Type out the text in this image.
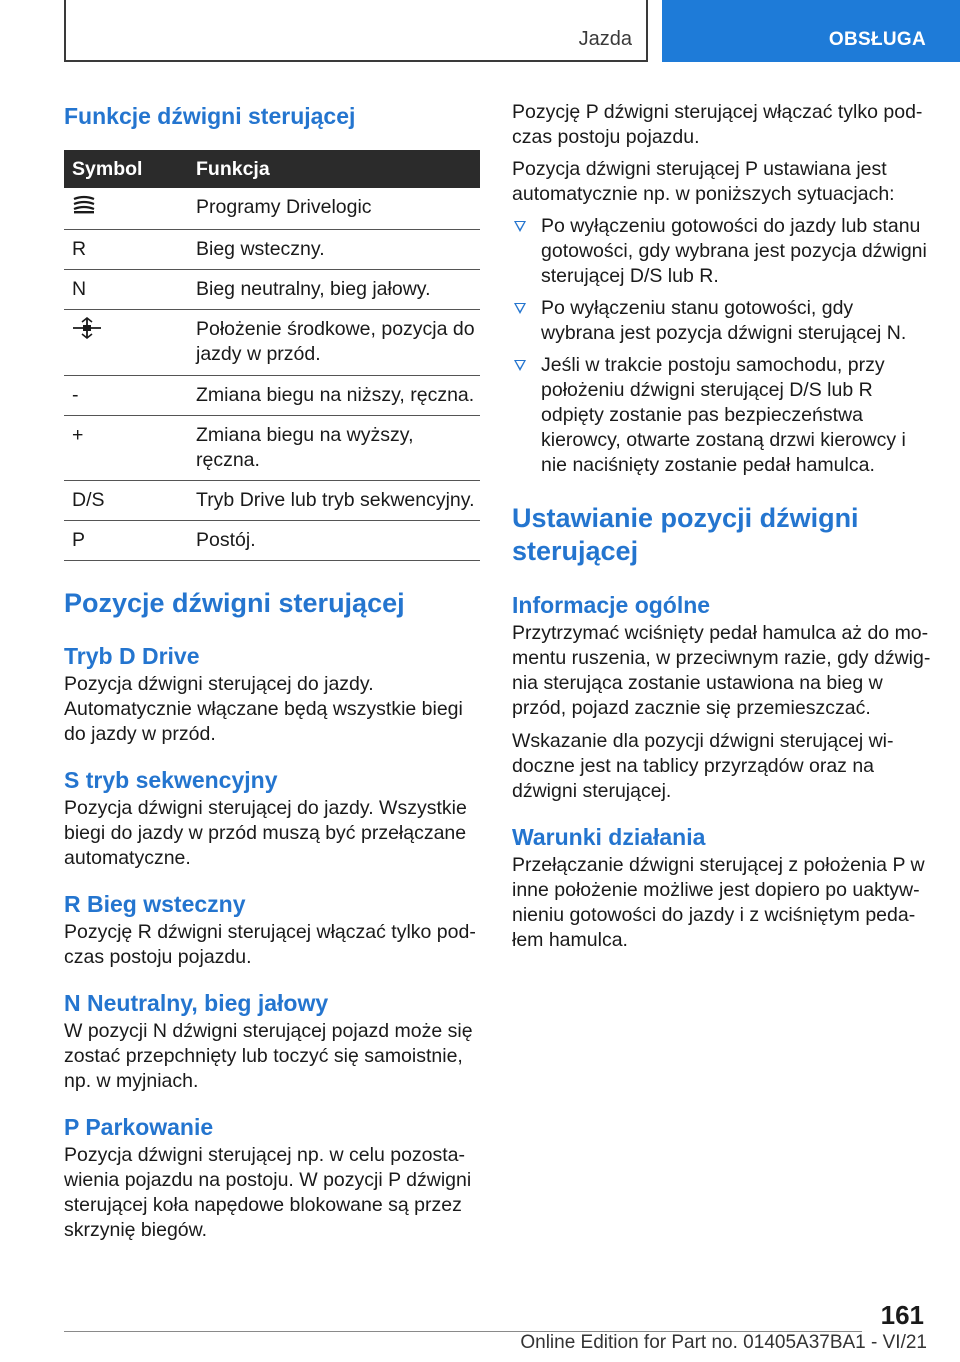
Jazda	OBSŁUGA
Funkcje dźwigni sterującej
Symbol	Funkcja
	Programy Drivelogic
R	Bieg wsteczny.
N	Bieg neutralny, bieg jałowy.
	Położenie środkowe, pozycja do jazdy w przód.
-	Zmiana biegu na niższy, ręczna.
+	Zmiana biegu na wyższy, ręczna.
D/S	Tryb Drive lub tryb sekwencyjny.
P	Postój.
Pozycje dźwigni sterującej
Tryb D Drive

Pozycja dźwigni sterującej do jazdy. Automatycznie włączane będą wszystkie biegi do jazdy w przód.

S tryb sekwencyjny

Pozycja dźwigni sterującej do jazdy. Wszystkie biegi do jazdy w przód muszą być przełączane automatyczne.

R Bieg wsteczny

Pozycję R dźwigni sterującej włączać tylko podczas postoju pojazdu.

N Neutralny, bieg jałowy

W pozycji N dźwigni sterującej pojazd może się zostać przepchnięty lub toczyć się samoistnie, np. w myjniach.

P Parkowanie

Pozycja dźwigni sterującej np. w celu pozostawienia pojazdu na postoju. W pozycji P dźwigni sterującej koła napędowe blokowane są przez skrzynię biegów.

Pozycję P dźwigni sterującej włączać tylko podczas postoju pojazdu.

Pozycja dźwigni sterującej P ustawiana jest automatycznie np. w poniższych sytuacjach:

Po wyłączeniu gotowości do jazdy lub stanu gotowości, gdy wybrana jest pozycja dźwigni sterującej D/S lub R.
Po wyłączeniu stanu gotowości, gdy wybrana jest pozycja dźwigni sterującej N.
Jeśli w trakcie postoju samochodu, przy położeniu dźwigni sterującej D/S lub R odpięty zostanie pas bezpieczeństwa kierowcy, otwarte zostaną drzwi kierowcy i nie naciśnięty zostanie pedał hamulca.
Ustawianie pozycji dźwigni sterującej
Informacje ogólne

Przytrzymać wciśnięty pedał hamulca aż do momentu ruszenia, w przeciwnym razie, gdy dźwignia sterująca zostanie ustawiona na bieg w przód, pojazd zacznie się przemieszczać.

Wskazanie dla pozycji dźwigni sterującej widoczne jest na tablicy przyrządów oraz na dźwigni sterującej.

Warunki działania

Przełączanie dźwigni sterującej z położenia P w inne położenie możliwe jest dopiero po uaktywnieniu gotowości do jazdy i z wciśniętym pedałem hamulca.

161
Online Edition for Part no. 01405A37BA1 - VI/21
